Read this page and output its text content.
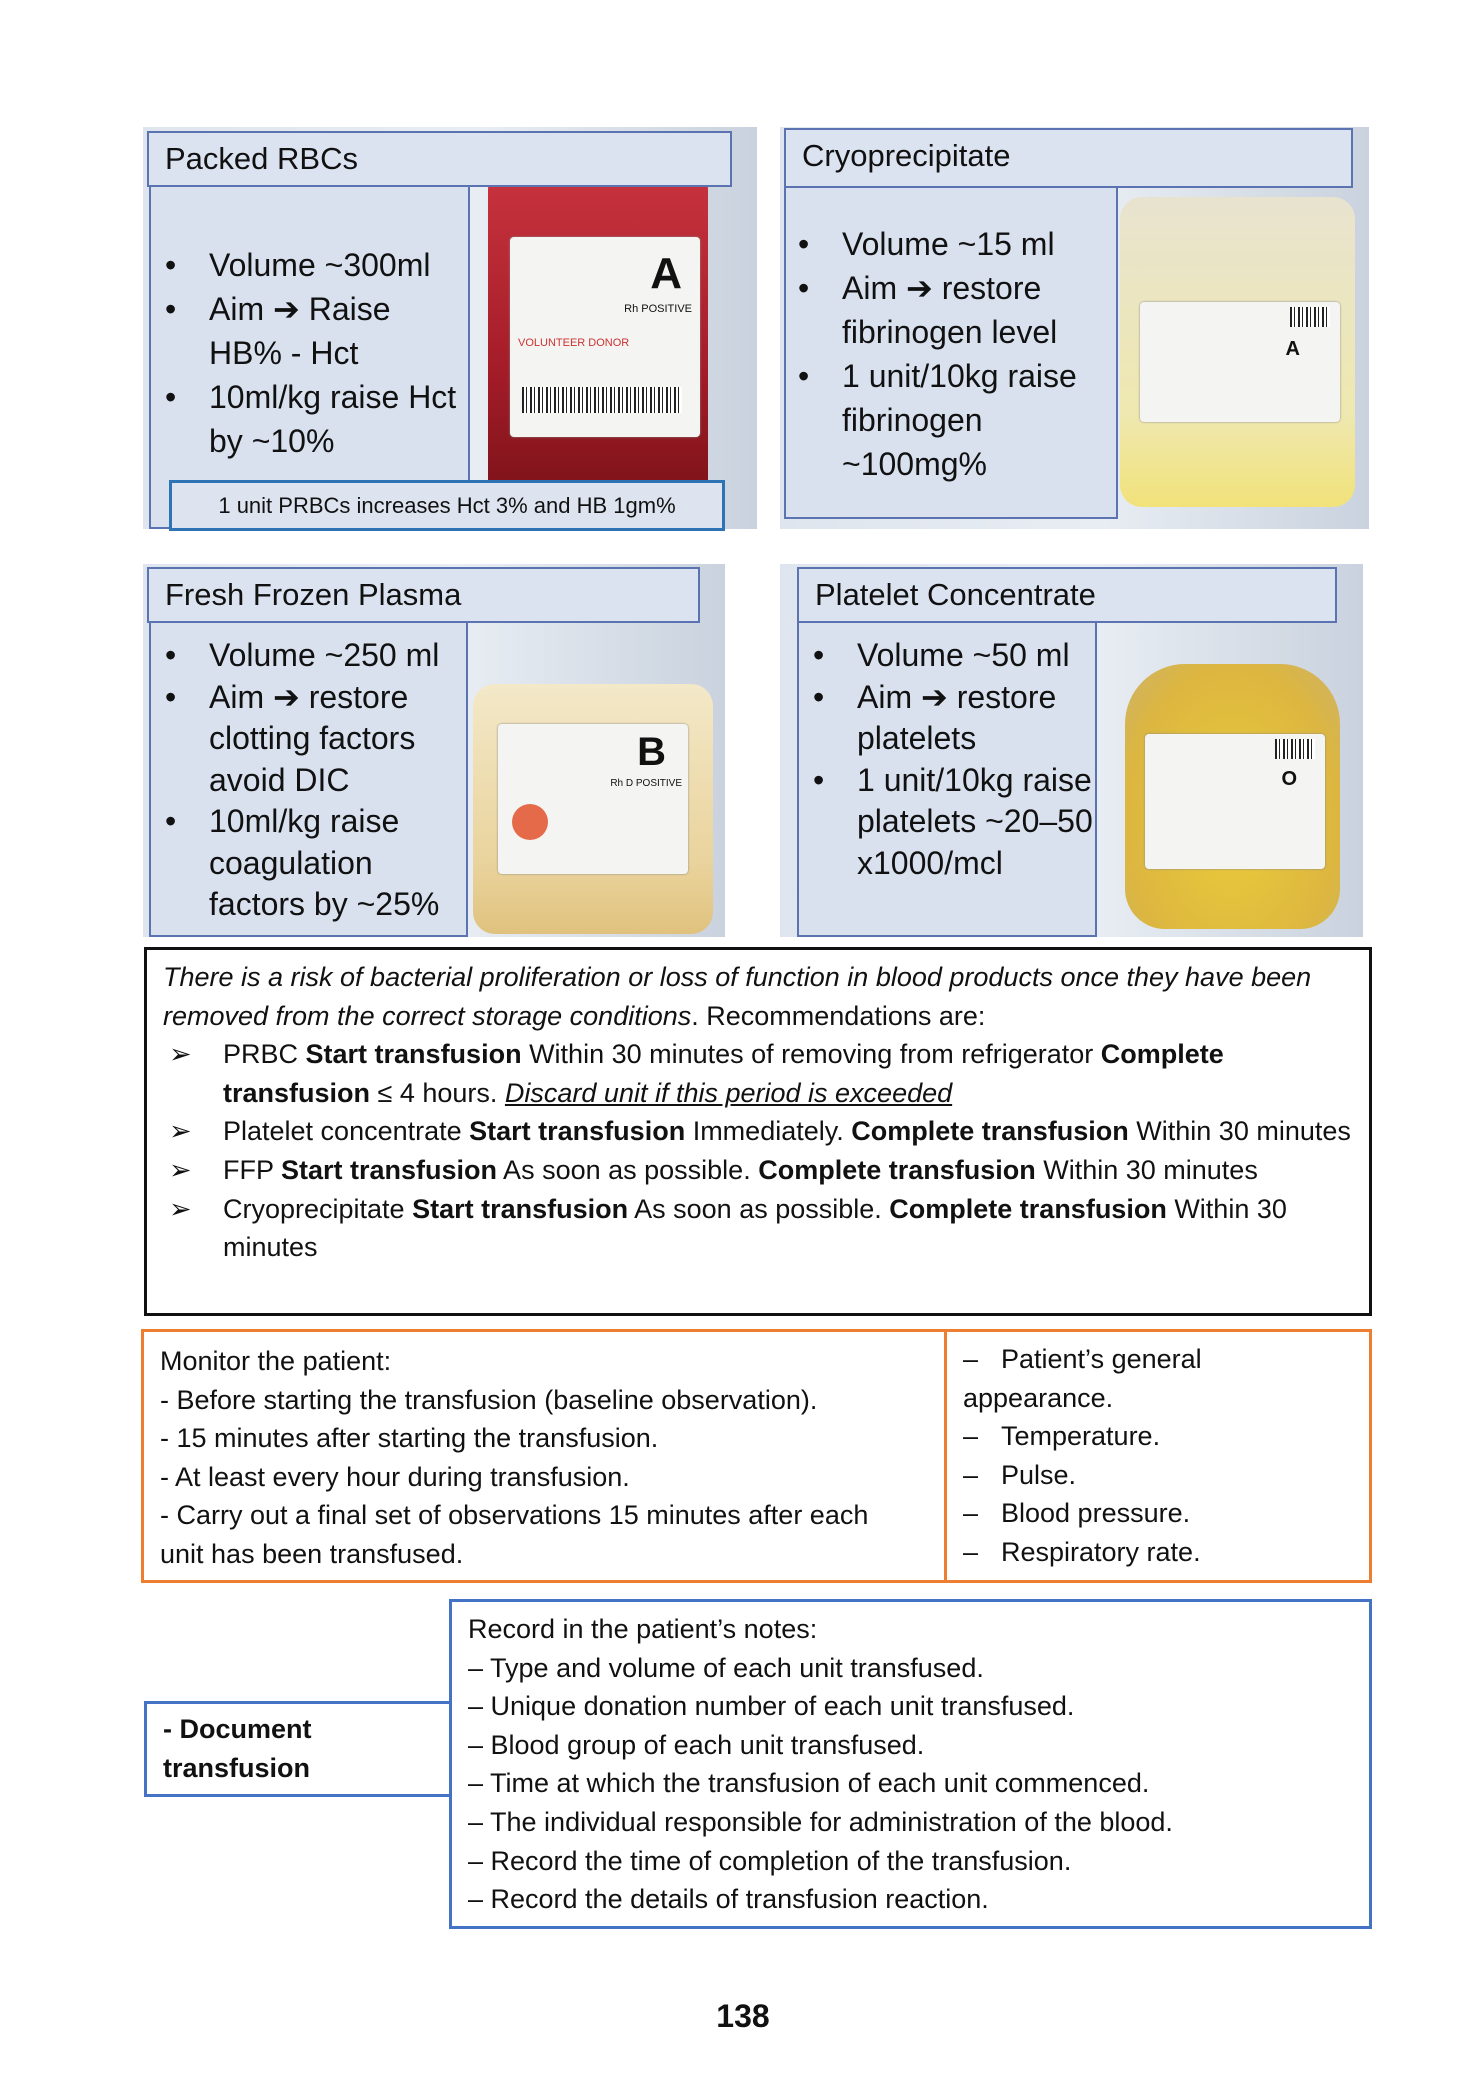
A
Rh POSITIVE
VOLUNTEER DONOR
Packed RBCs
• Volume ~300ml
• Aim ➔ Raise HB% - Hct
• 10ml/kg raise Hct by ~10%
1 unit PRBCs increases Hct 3% and HB 1gm%
A
Cryoprecipitate
• Volume ~15 ml
• Aim ➔ restore fibrinogen level
• 1 unit/10kg raise fibrinogen ~100mg%
B
Rh D POSITIVE
Fresh Frozen Plasma
• Volume ~250 ml
• Aim ➔ restore clotting factors avoid DIC
• 10ml/kg raise coagulation factors by ~25%
O
Platelet Concentrate
• Volume ~50 ml
• Aim ➔ restore platelets
• 1 unit/10kg raise platelets ~20–50 x1000/mcl

There is a risk of bacterial proliferation or loss of function in blood products once they have been removed from the correct storage conditions. Recommendations are:

➢ PRBC Start transfusion Within 30 minutes of removing from refrigerator Complete transfusion ≤ 4 hours. Discard unit if this period is exceeded
➢ Platelet concentrate Start transfusion Immediately. Complete transfusion Within 30 minutes
➢ FFP Start transfusion As soon as possible. Complete transfusion Within 30 minutes
➢ Cryoprecipitate Start transfusion As soon as possible. Complete transfusion Within 30 minutes

Monitor the patient:

- Before starting the transfusion (baseline observation).

- 15 minutes after starting the transfusion.

- At least every hour during transfusion.

- Carry out a final set of observations 15 minutes after each unit has been transfused.

– Patient’s general appearance.

– Temperature.

– Pulse.

– Blood pressure.

– Respiratory rate.

- Document transfusion

Record in the patient’s notes:

– Type and volume of each unit transfused.
– Unique donation number of each unit transfused.
– Blood group of each unit transfused.
– Time at which the transfusion of each unit commenced.
– The individual responsible for administration of the blood.
– Record the time of completion of the transfusion.
– Record the details of transfusion reaction.
138
